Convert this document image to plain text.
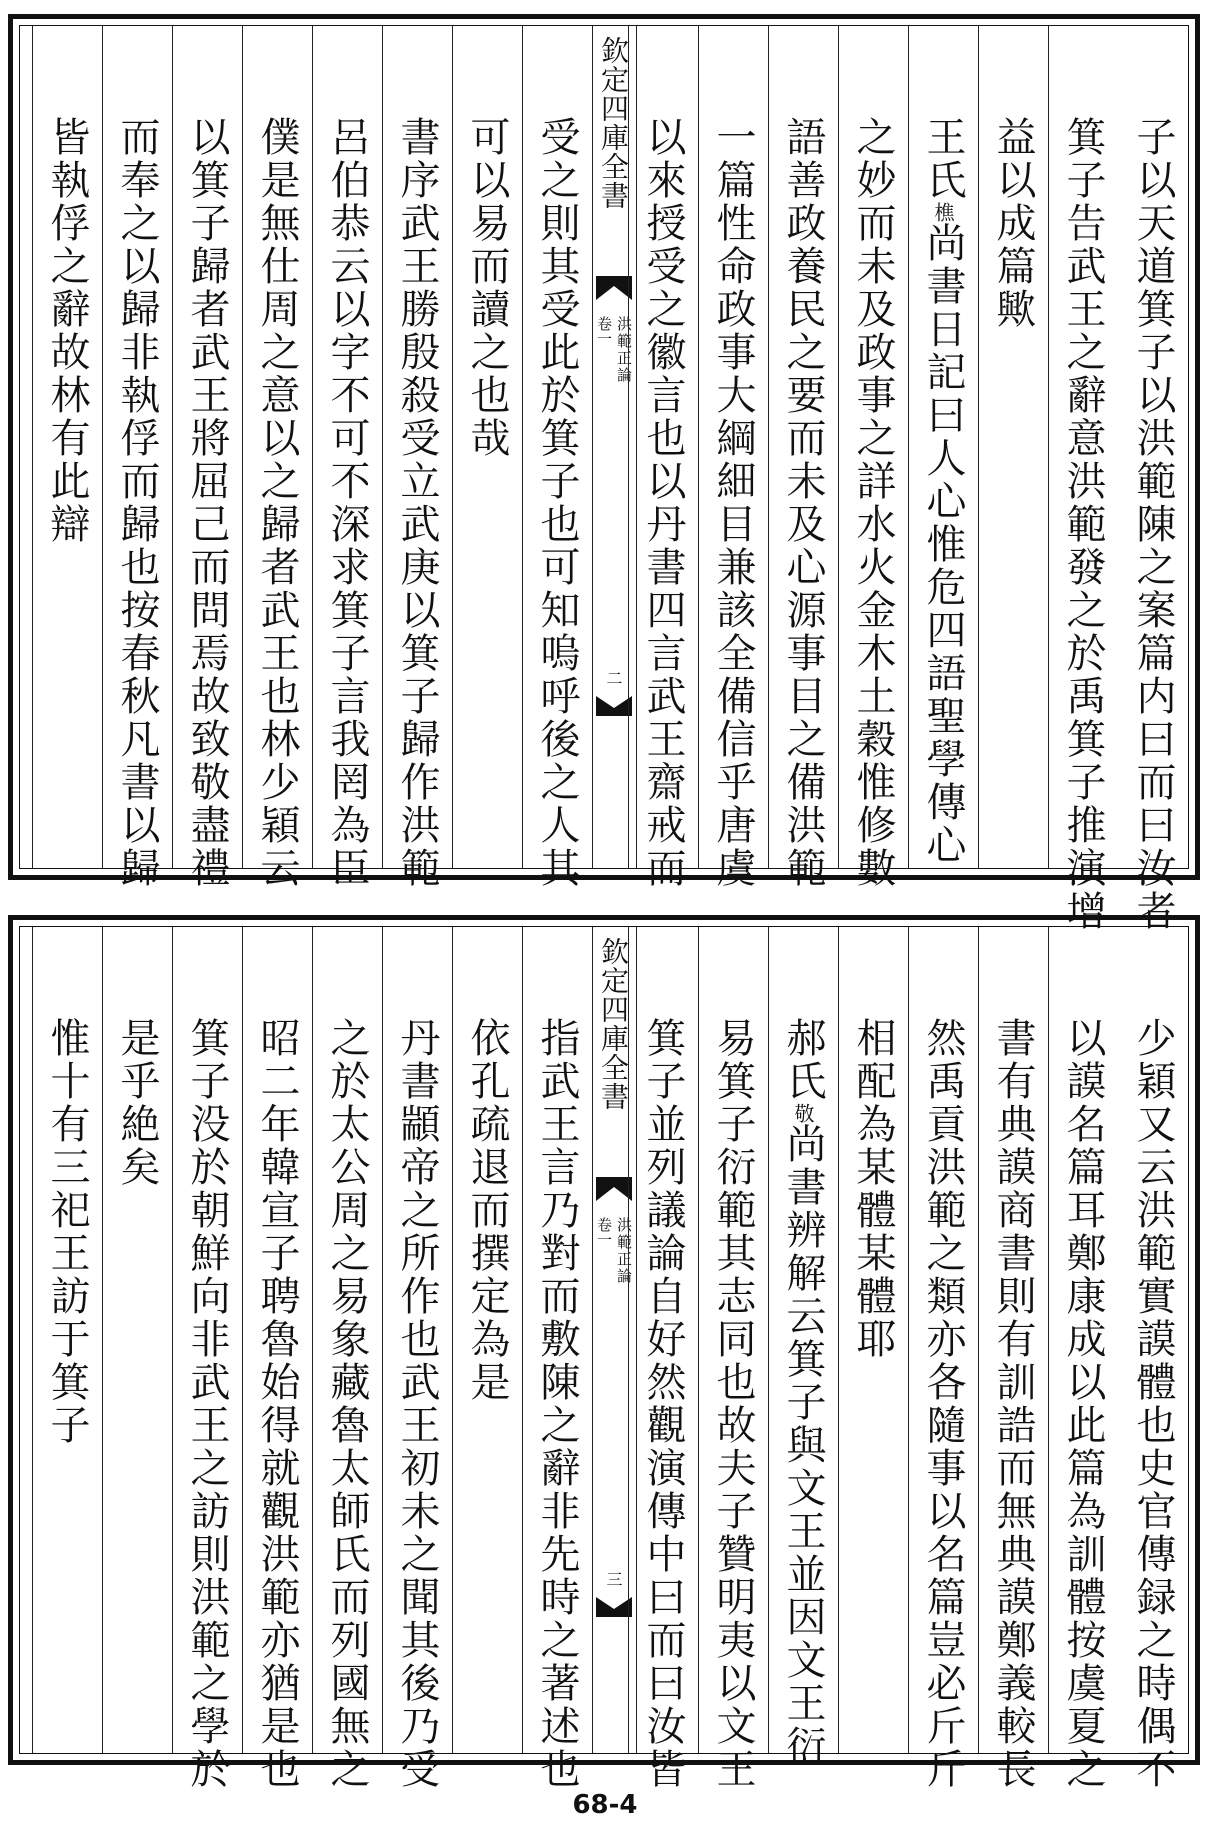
欽定四庫全書
卷一 洪範正論
二	子以天道箕子以洪範陳之案篇内曰而曰汝者
箕子告武王之辭意洪範發之於禹箕子推演增
益以成篇歟
王氏樵尚書日記曰人心惟危四語聖學傳心
之妙而未及政事之詳水火金木土穀惟修數
語善政養民之要而未及心源事目之備洪範
一篇性命政事大綱細目兼該全備信乎唐虞
以來授受之徽言也以丹書四言武王齋戒而
受之則其受此於箕子也可知嗚呼後之人其
可以易而讀之也哉
書序武王勝殷殺受立武庚以箕子歸作洪範
呂伯恭云以字不可不深求箕子言我罔為臣
僕是無仕周之意以之歸者武王也林少穎云
以箕子歸者武王將屈己而問焉故致敬盡禮
而奉之以歸非執俘而歸也按春秋凡書以歸
皆執俘之辭故林有此辯
欽定四庫全書
卷一 洪範正論
三	少穎又云洪範實謨體也史官傳録之時偶不
以謨名篇耳鄭康成以此篇為訓體按虞夏之
書有典謨商書則有訓誥而無典謨鄭義較長
然禹貢洪範之類亦各隨事以名篇豈必斤斤
相配為某體某體耶
郝氏敬尚書辨解云箕子與文王並因文王衍
易箕子衍範其志同也故夫子贊明夷以文王
箕子並列議論自好然觀演傳中曰而曰汝皆
指武王言乃對而敷陳之辭非先時之著述也
依孔疏退而撰定為是
丹書顓帝之所作也武王初未之聞其後乃受
之於太公周之易象藏魯太師氏而列國無之
昭二年韓宣子聘魯始得就觀洪範亦猶是也
箕子没於朝鮮向非武王之訪則洪範之學於
是乎絶矣
惟十有三祀王訪于箕子
68-4
